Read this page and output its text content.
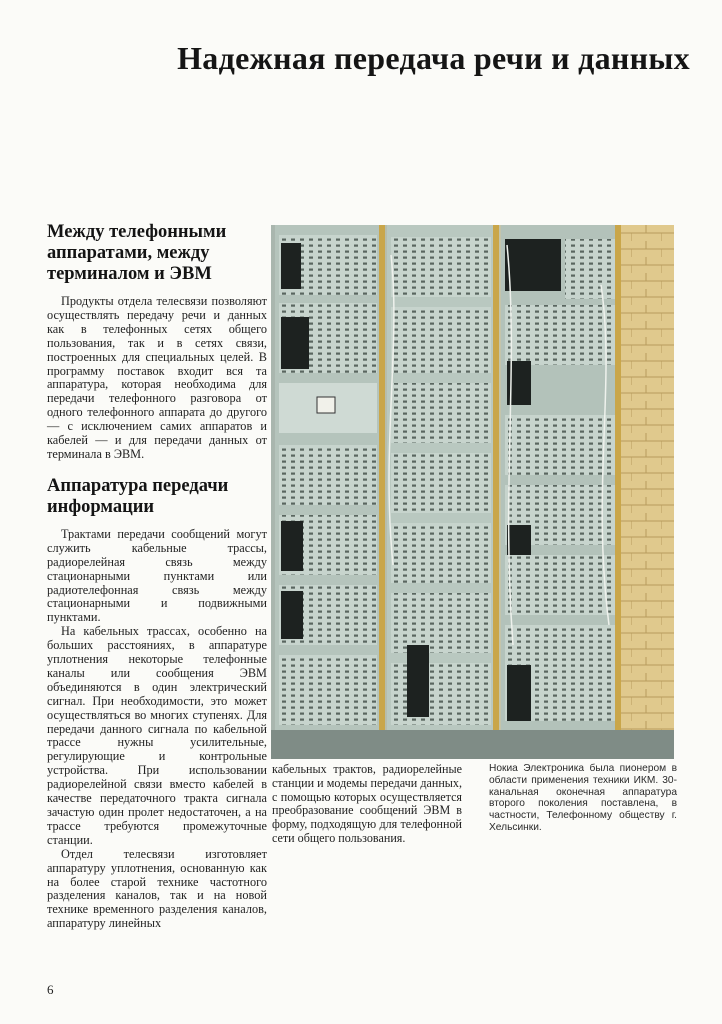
Надежная передача речи и данных
Между телефонными аппаратами, между терминалом и ЭВМ

Продукты отдела телесвязи позволяют осуществлять передачу речи и данных как в телефонных сетях общего пользования, так и в сетях связи, построенных для специальных целей. В программу поставок входит вся та аппаратура, которая необходима для передачи телефонного разговора от одного телефонного аппарата до другого — с исключением самих аппаратов и кабелей — и для передачи данных от терминала в ЭВМ.

Аппаратура передачи информации

Трактами передачи сообщений могут служить кабельные трассы, радиорелейная связь между стационарными пунктами или радиотелефонная связь между стационарными и подвижными пунктами.

На кабельных трассах, особенно на больших расстояниях, в аппаратуре уплотнения некоторые телефонные каналы или сообщения ЭВМ объединяются в один электрический сигнал. При необходимости, это может осуществляться во многих ступенях. Для передачи данного сигнала по кабельной трассе нужны усилительные, регулирующие и контрольные устройства. При использовании радиорелейной связи вместо кабелей в качестве передаточного тракта сигнала зачастую один пролет недостаточен, а на трассе требуются промежуточные станции.

Отдел телесвязи изготовляет аппаратуру уплотнения, основанную как на более старой технике частотного разделения каналов, так и на новой технике временного разделения каналов, аппаратуру линейных

кабельных трактов, радиорелейные станции и модемы передачи данных, с помощью которых осуществляется преобразование сообщений ЭВМ в форму, подходящую для телефонной сети общего пользования.

Нокиа Электроника была пионером в области применения техники ИКМ. 30-канальная оконечная аппаратура второго поколения поставлена, в частности, Телефонному обществу г. Хельсинки.
6
